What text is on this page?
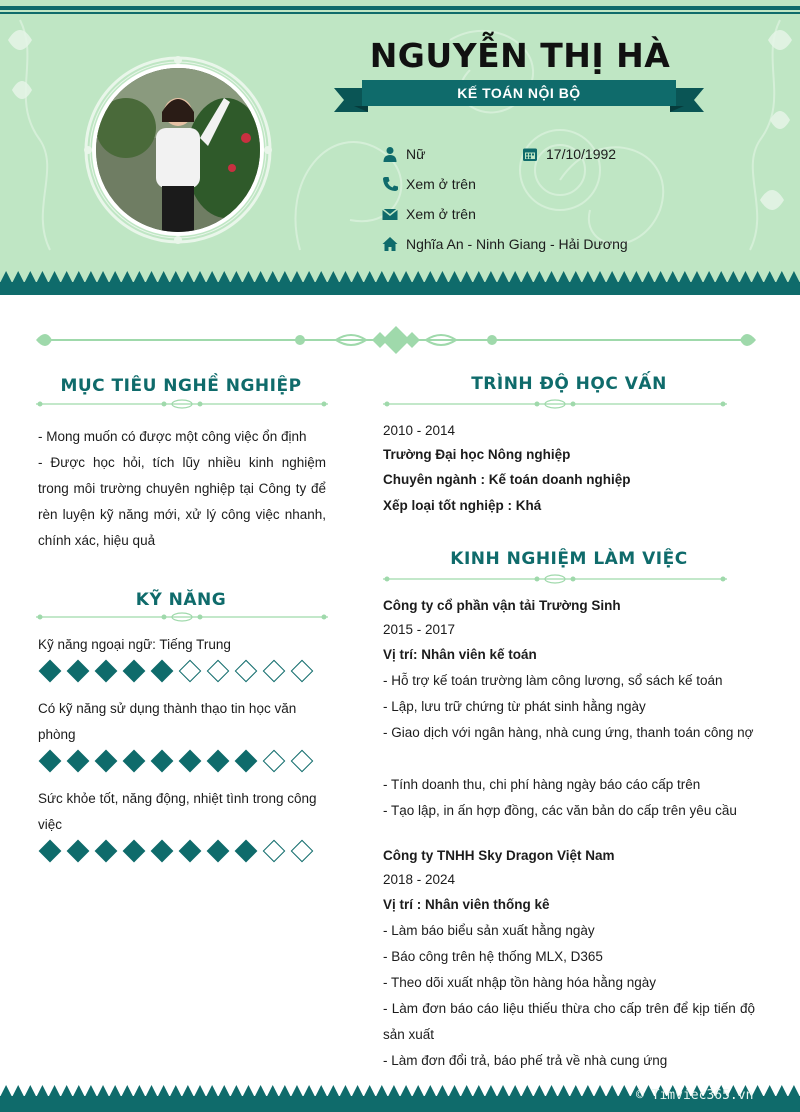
NGUYỄN THỊ HÀ
KẾ TOÁN NỘI BỘ
Nữ	17/10/1992
Xem ở trên
Xem ở trên
Nghĩa An - Ninh Giang - Hải Dương
MỤC TIÊU NGHỀ NGHIỆP
- Mong muốn có được một công việc ổn định
- Được học hỏi, tích lũy nhiều kinh nghiệm trong môi trường chuyên nghiệp tại Công ty để rèn luyện kỹ năng mới, xử lý công việc nhanh, chính xác, hiệu quả
KỸ NĂNG
Kỹ năng ngoại ngữ: Tiếng Trung
Có kỹ năng sử dụng thành thạo tin học văn phòng
Sức khỏe tốt, năng động, nhiệt tình trong công việc
TRÌNH ĐỘ HỌC VẤN
2010 - 2014
Trường Đại học Nông nghiệp
Chuyên ngành : Kế toán doanh nghiệp
Xếp loại tốt nghiệp : Khá
KINH NGHIỆM LÀM VIỆC
Công ty cổ phần vận tải Trường Sinh
2015 - 2017
Vị trí: Nhân viên kế toán
- Hỗ trợ kế toán trường làm công lương, sổ sách kế toán
- Lập, lưu trữ chứng từ phát sinh hằng ngày
- Giao dịch với ngân hàng, nhà cung ứng, thanh toán công nợ
- Tính doanh thu, chi phí hàng ngày báo cáo cấp trên
- Tạo lập, in ấn hợp đồng, các văn bản do cấp trên yêu cầu
Công ty TNHH Sky Dragon Việt Nam
2018 - 2024
Vị trí : Nhân viên thống kê
- Làm báo biểu sản xuất hằng ngày
- Báo công trên hệ thống MLX, D365
- Theo dõi xuất nhập tồn hàng hóa hằng ngày
- Làm đơn báo cáo liệu thiếu thừa cho cấp trên để kịp tiến độ sản xuất
- Làm đơn đổi trả, báo phế trả về nhà cung ứng
© Timviec365.vn
